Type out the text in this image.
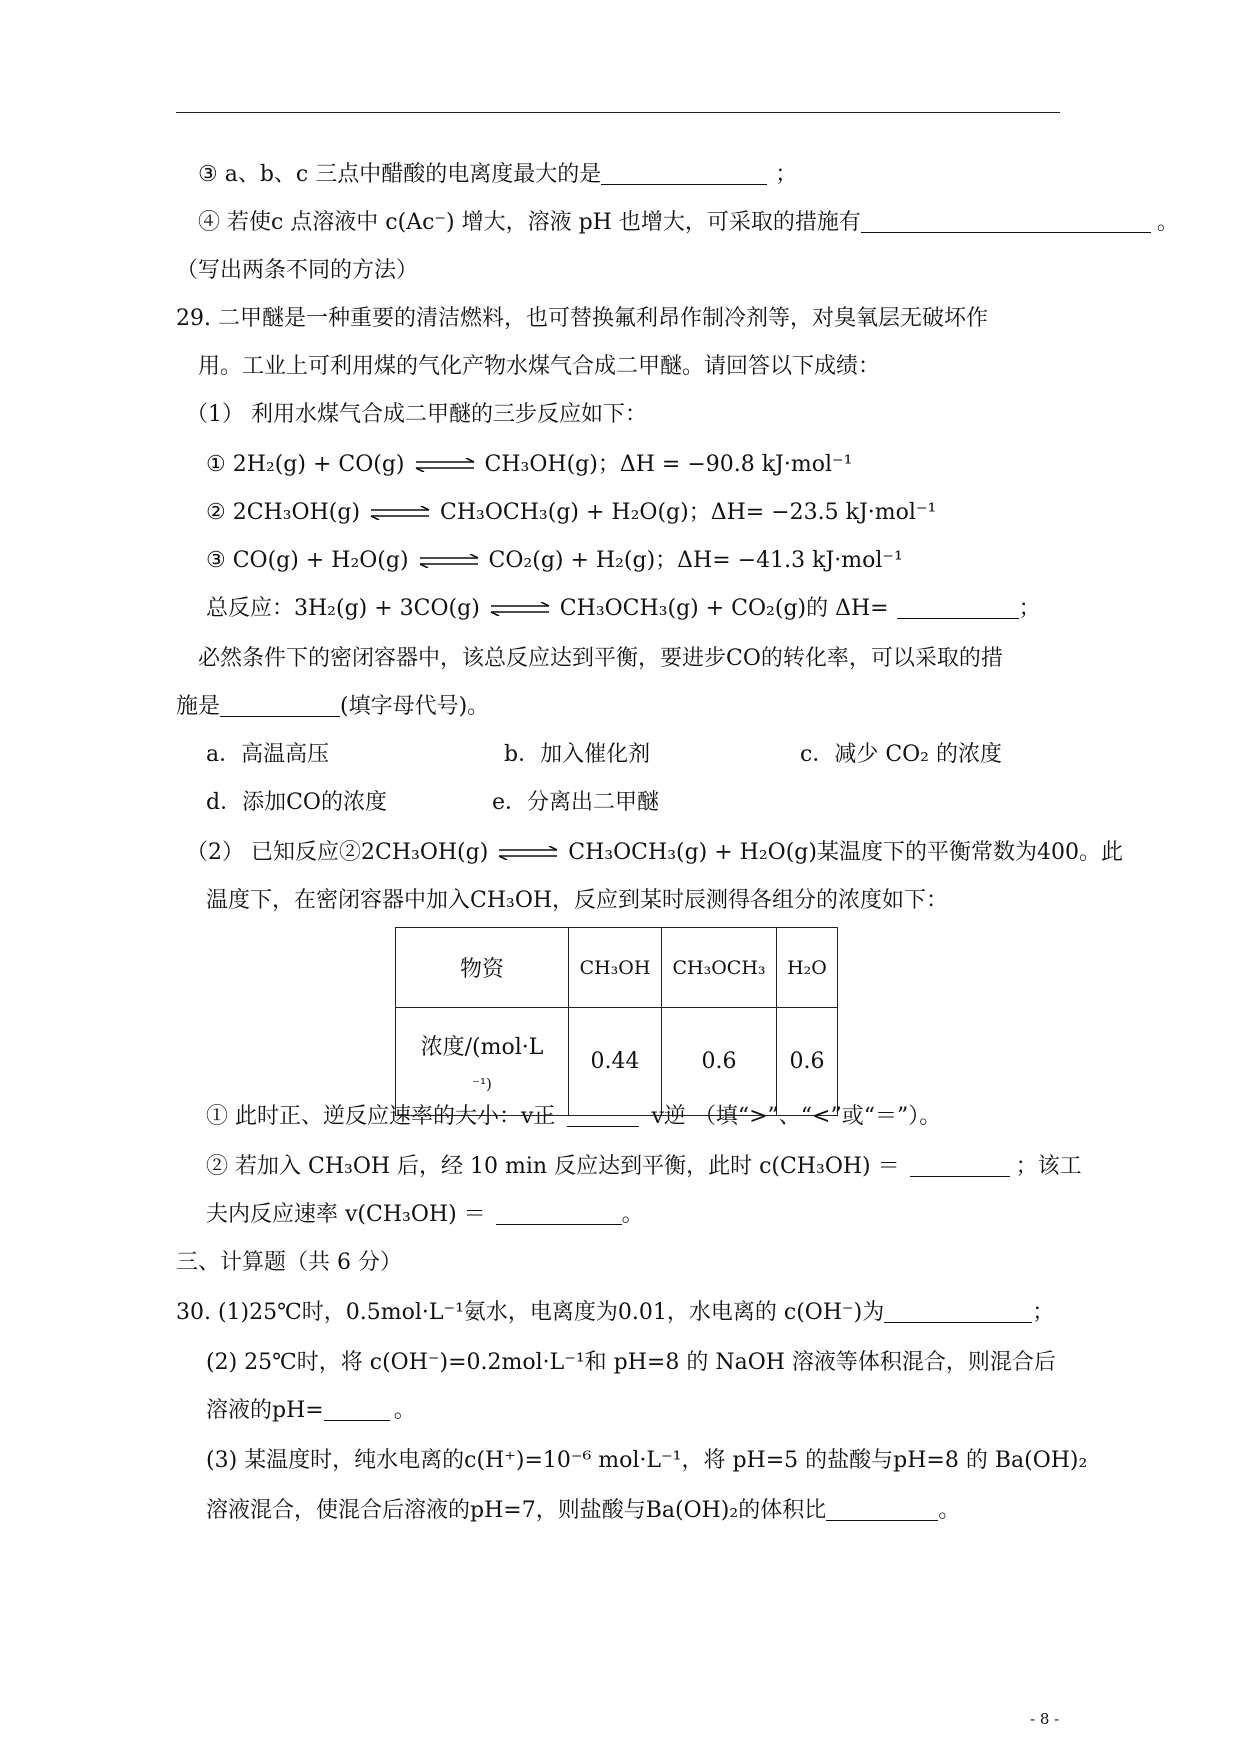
③ a、b、c 三点中醋酸的电离度最大的是	；
④ 若使c 点溶液中 c(Ac⁻) 增大，溶液 pH 也增大，可采取的措施有	。
（写出两条不同的方法）
29. 二甲醚是一种重要的清洁燃料，也可替换氟利昂作制冷剂等，对臭氧层无破坏作
用。工业上可利用煤的气化产物水煤气合成二甲醚。请回答以下成绩：
（1） 利用水煤气合成二甲醚的三步反应如下：
① 2H₂(g) + CO(g) ⇌ CH₃OH(g)；ΔH = −90.8 kJ·mol⁻¹
② 2CH₃OH(g) ⇌ CH₃OCH₃(g) + H₂O(g)；ΔH= −23.5 kJ·mol⁻¹
③ CO(g) + H₂O(g) ⇌ CO₂(g) + H₂(g)；ΔH= −41.3 kJ·mol⁻¹
总反应：3H₂(g) + 3CO(g) ⇌ CH₃OCH₃(g) + CO₂(g)的 ΔH=	；
必然条件下的密闭容器中，该总反应达到平衡，要进步CO的转化率，可以采取的措
施是	(填字母代号)。
a．高温高压	b．加入催化剂	c．减少 CO₂ 的浓度
d．添加CO的浓度	e．分离出二甲醚
（2） 已知反应②2CH₃OH(g) ⇌ CH₃OCH₃(g) + H₂O(g)某温度下的平衡常数为400。此
温度下，在密闭容器中加入CH₃OH，反应到某时辰测得各组分的浓度如下：
物资	CH₃OH	CH₃OCH₃	H₂O

浓度/(mol·L
⁻¹)	0.44	0.6	0.6
① 此时正、逆反应速率的大小：v正	v逆 （填“>”、“<”或“＝”）。
② 若加入 CH₃OH 后，经 10 min 反应达到平衡，此时 c(CH₃OH) ＝	；该工
夫内反应速率 v(CH₃OH) ＝	。
三、计算题（共 6 分）
30. (1)25℃时，0.5mol·L⁻¹氨水，电离度为0.01，水电离的 c(OH⁻)为	；
(2) 25℃时，将 c(OH⁻)=0.2mol·L⁻¹和 pH=8 的 NaOH 溶液等体积混合，则混合后
溶液的pH=	。
(3) 某温度时，纯水电离的c(H⁺)=10⁻⁶ mol·L⁻¹，将 pH=5 的盐酸与pH=8 的 Ba(OH)₂
溶液混合，使混合后溶液的pH=7，则盐酸与Ba(OH)₂的体积比	。
- 8 -
